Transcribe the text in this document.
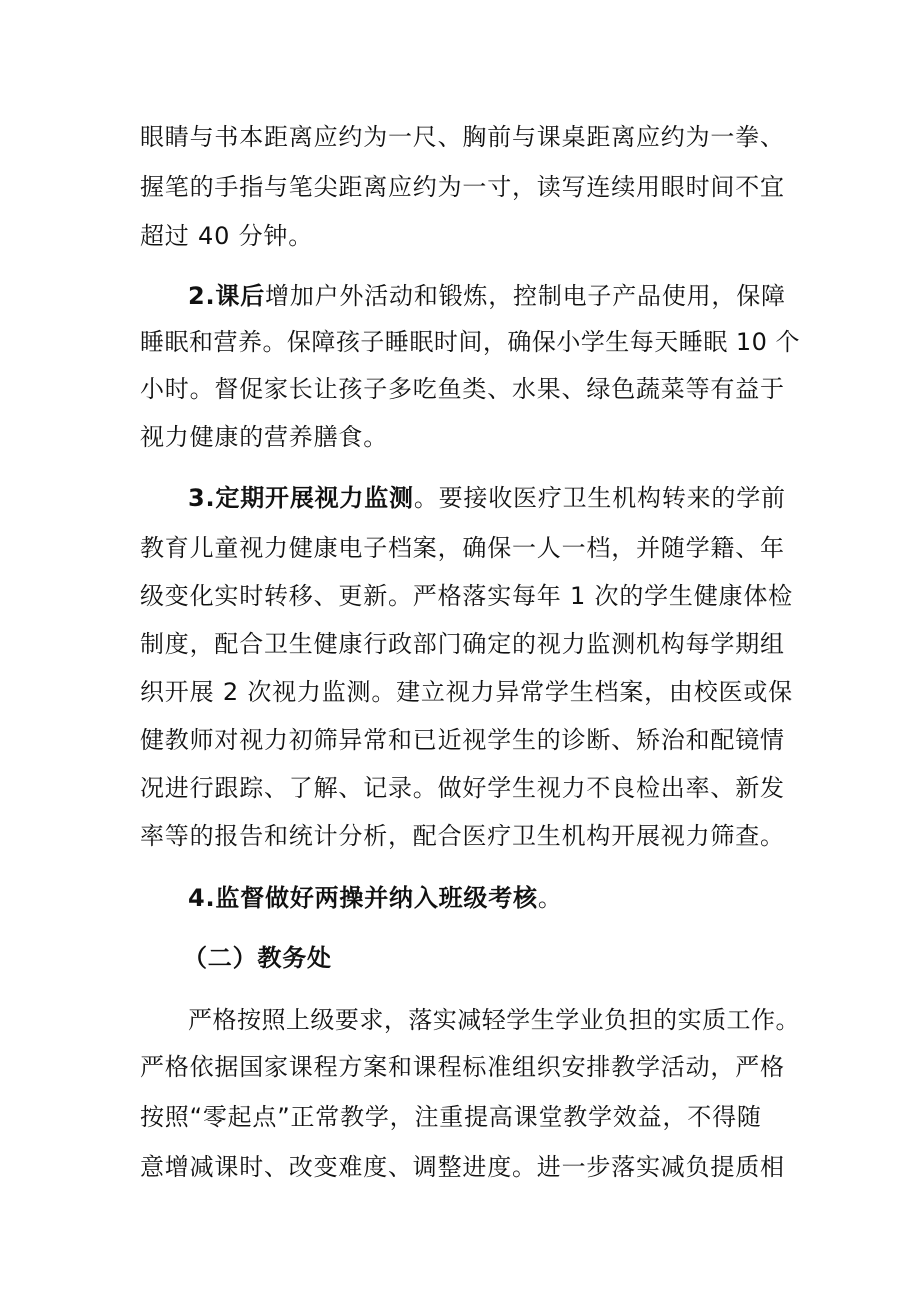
眼睛与书本距离应约为一尺、胸前与课桌距离应约为一拳、
握笔的手指与笔尖距离应约为一寸，读写连续用眼时间不宜
超过 40 分钟。
2.课后增加户外活动和锻炼，控制电子产品使用，保障
睡眠和营养。保障孩子睡眠时间，确保小学生每天睡眠 10 个
小时。督促家长让孩子多吃鱼类、水果、绿色蔬菜等有益于
视力健康的营养膳食。
3.定期开展视力监测。要接收医疗卫生机构转来的学前
教育儿童视力健康电子档案，确保一人一档，并随学籍、年
级变化实时转移、更新。严格落实每年 1 次的学生健康体检
制度，配合卫生健康行政部门确定的视力监测机构每学期组
织开展 2 次视力监测。建立视力异常学生档案，由校医或保
健教师对视力初筛异常和已近视学生的诊断、矫治和配镜情
况进行跟踪、了解、记录。做好学生视力不良检出率、新发
率等的报告和统计分析，配合医疗卫生机构开展视力筛查。
4.监督做好两操并纳入班级考核。
（二）教务处
严格按照上级要求，落实减轻学生学业负担的实质工作。
严格依据国家课程方案和课程标准组织安排教学活动，严格
按照“零起点”正常教学，注重提高课堂教学效益，不得随
意增减课时、改变难度、调整进度。进一步落实减负提质相
